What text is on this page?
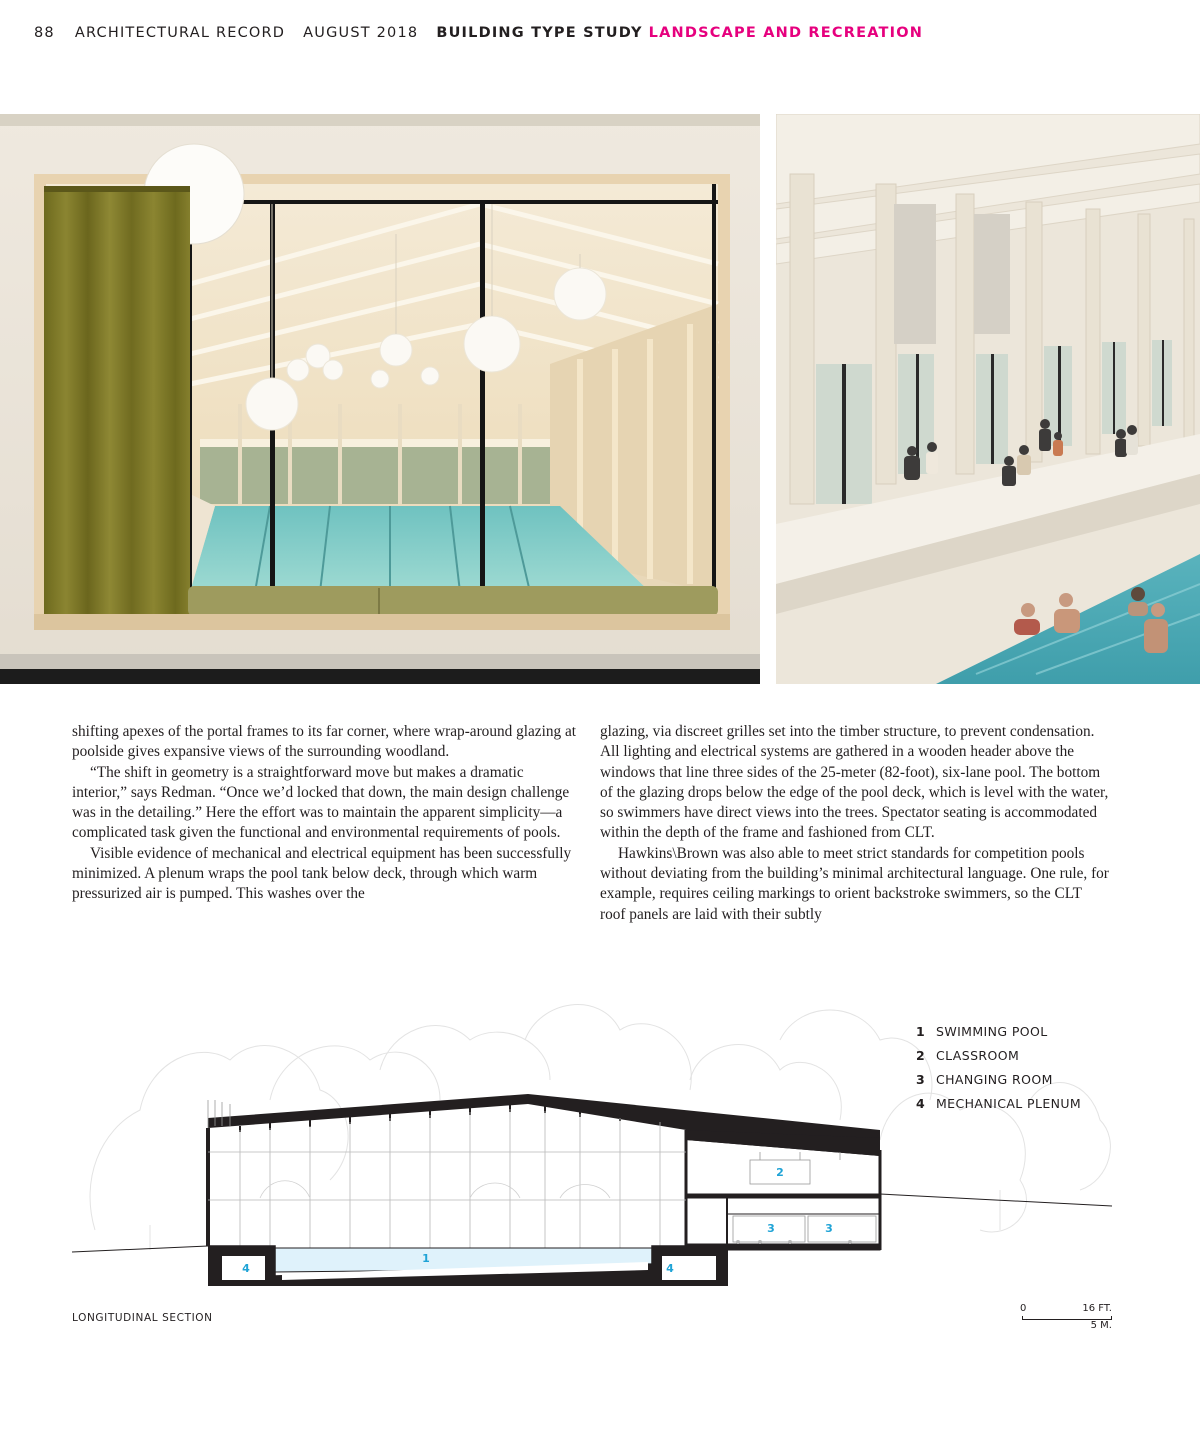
88 ARCHITECTURAL RECORD AUGUST 2018 BUILDING TYPE STUDY LANDSCAPE AND RECREATION

shifting apexes of the portal frames to its far corner, where wrap-around glazing at poolside gives expansive views of the surrounding woodland.

“The shift in geometry is a straightforward move but makes a dramatic interior,” says Redman. “Once we’d locked that down, the main design challenge was in the detailing.” Here the effort was to maintain the apparent simplicity—a complicated task given the functional and environmental requirements of pools.

Visible evidence of mechanical and electrical equipment has been successfully minimized. A plenum wraps the pool tank below deck, through which warm pressurized air is pumped. This washes over the

glazing, via discreet grilles set into the timber structure, to prevent condensation. All lighting and electrical systems are gathered in a wooden header above the windows that line three sides of the 25-meter (82-foot), six-lane pool. The bottom of the glazing drops below the edge of the pool deck, which is level with the water, so swimmers have direct views into the trees. Spectator seating is accommodated within the depth of the frame and fashioned from CLT.

Hawkins\Brown was also able to meet strict standards for competition pools without deviating from the building’s minimal architectural language. One rule, for example, requires ceiling markings to orient backstroke swimmers, so the CLT roof panels are laid with their subtly

1
2
3	3
4	4
1 SWIMMING POOL
2 CLASSROOM
3 CHANGING ROOM
4 MECHANICAL PLENUM
LONGITUDINAL SECTION
0	16 FT.
5 M.
